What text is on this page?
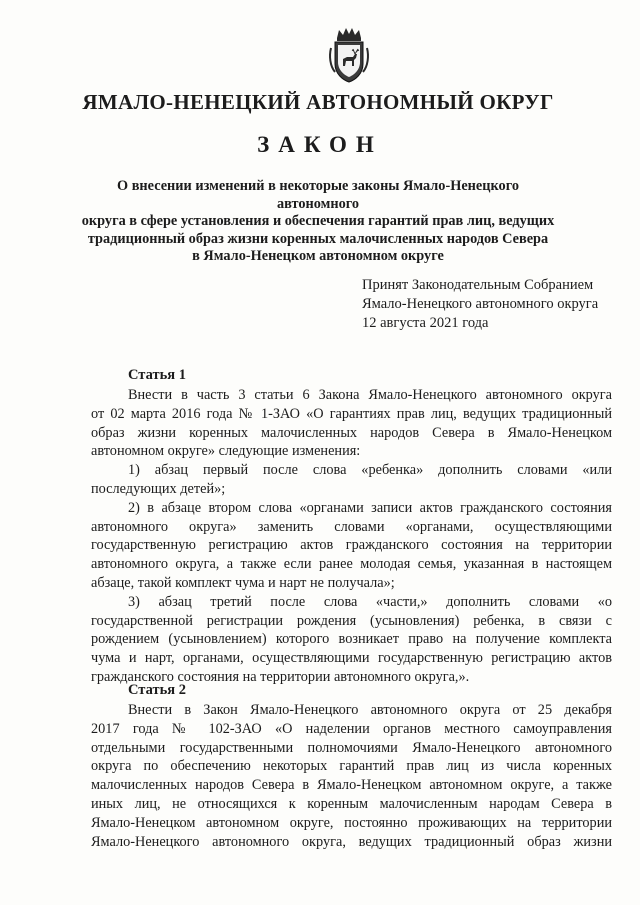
ЯМАЛО-НЕНЕЦКИЙ АВТОНОМНЫЙ ОКРУГ
ЗАКОН
О внесении изменений в некоторые законы Ямало-Ненецкого автономного
округа в сфере установления и обеспечения гарантий прав лиц, ведущих
традиционный образ жизни коренных малочисленных народов Севера
в Ямало-Ненецком автономном округе
Принят Законодательным Собранием
Ямало-Ненецкого автономного округа
12 августа 2021 года
Статья 1
Внести в часть 3 статьи 6 Закона Ямало-Ненецкого автономного округа
от 02 марта 2016 года № 1-ЗАО «О гарантиях прав лиц, ведущих традиционный
образ жизни коренных малочисленных народов Севера в Ямало-Ненецком
автономном округе» следующие изменения:
1) абзац первый после слова «ребенка» дополнить словами «или
последующих детей»;
2) в абзаце втором слова «органами записи актов гражданского состояния
автономного округа» заменить словами «органами, осуществляющими
государственную регистрацию актов гражданского состояния на территории
автономного округа, а также если ранее молодая семья, указанная в настоящем
абзаце, такой комплект чума и нарт не получала»;
3) абзац третий после слова «части,» дополнить словами «о
государственной регистрации рождения (усыновления) ребенка, в связи с
рождением (усыновлением) которого возникает право на получение комплекта
чума и нарт, органами, осуществляющими государственную регистрацию актов
гражданского состояния на территории автономного округа,».
Статья 2
Внести в Закон Ямало-Ненецкого автономного округа от 25 декабря
2017 года № 102-ЗАО «О наделении органов местного самоуправления
отдельными государственными полномочиями Ямало-Ненецкого автономного
округа по обеспечению некоторых гарантий прав лиц из числа коренных
малочисленных народов Севера в Ямало-Ненецком автономном округе, а также
иных лиц, не относящихся к коренным малочисленным народам Севера в
Ямало-Ненецком автономном округе, постоянно проживающих на территории
Ямало-Ненецкого автономного округа, ведущих традиционный образ жизни
